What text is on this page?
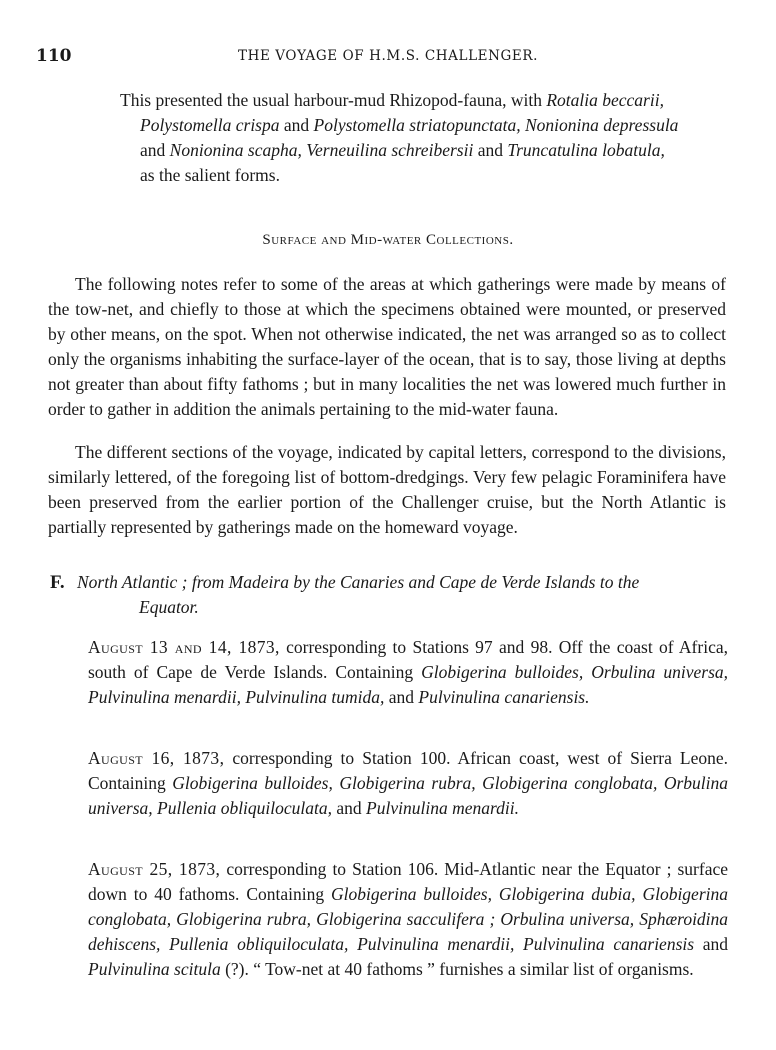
110	THE VOYAGE OF H.M.S. CHALLENGER.
This presented the usual harbour-mud Rhizopod-fauna, with Rotalia beccarii,
Polystomella crispa and Polystomella striatopunctata, Nonionina depressula
and Nonionina scapha, Verneuilina schreibersii and Truncatulina lobatula,
as the salient forms.
Surface and Mid-water Collections.

The following notes refer to some of the areas at which gatherings were made by means of the tow-net, and chiefly to those at which the specimens obtained were mounted, or preserved by other means, on the spot. When not otherwise indicated, the net was arranged so as to collect only the organisms inhabiting the surface-layer of the ocean, that is to say, those living at depths not greater than about fifty fathoms ; but in many localities the net was lowered much further in order to gather in addition the animals pertaining to the mid-water fauna.

The different sections of the voyage, indicated by capital letters, correspond to the divisions, similarly lettered, of the foregoing list of bottom-dredgings. Very few pelagic Foraminifera have been preserved from the earlier portion of the Challenger cruise, but the North Atlantic is partially represented by gatherings made on the homeward voyage.

F. North Atlantic ; from Madeira by the Canaries and Cape de Verde Islands to the
Equator.
August 13 and 14, 1873, corresponding to Stations 97 and 98. Off the coast of Africa, south of Cape de Verde Islands. Containing Globigerina bulloides, Orbulina universa, Pulvinulina menardii, Pulvinulina tumida, and Pulvinulina canariensis.
August 16, 1873, corresponding to Station 100. African coast, west of Sierra Leone. Containing Globigerina bulloides, Globigerina rubra, Globigerina conglobata, Orbulina universa, Pullenia obliquiloculata, and Pulvinulina menardii.
August 25, 1873, corresponding to Station 106. Mid-Atlantic near the Equator ; surface down to 40 fathoms. Containing Globigerina bulloides, Globigerina dubia, Globigerina conglobata, Globigerina rubra, Globigerina sacculifera ; Orbulina universa, Sphæroidina dehiscens, Pullenia obliquiloculata, Pulvinulina menardii, Pulvinulina canariensis and Pulvinulina scitula (?). “ Tow-net at 40 fathoms ” furnishes a similar list of organisms.
